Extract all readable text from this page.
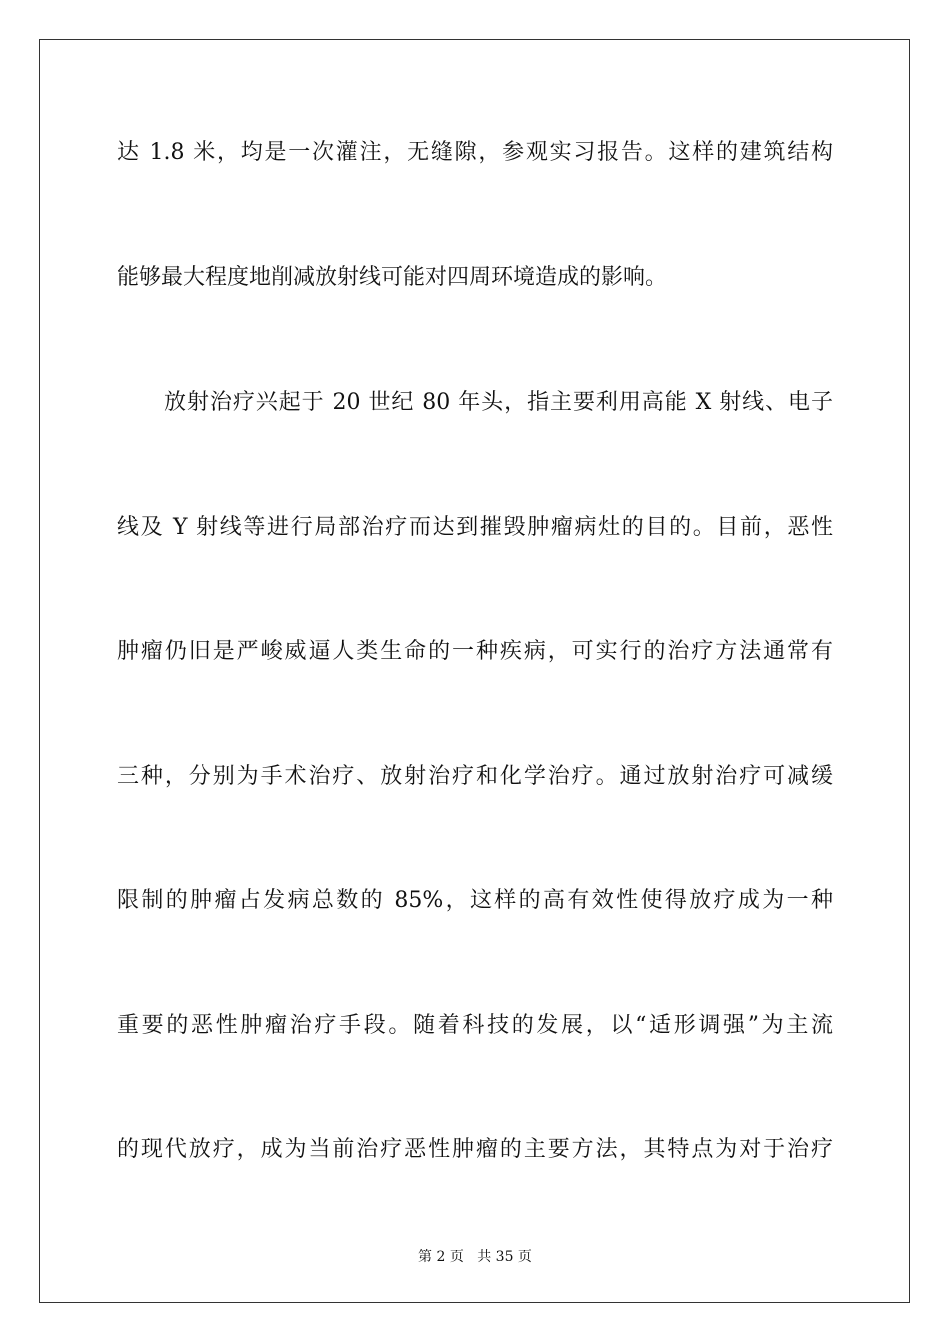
达 1.8 米，均是一次灌注，无缝隙，参观实习报告。这样的建筑结构
能够最大程度地削减放射线可能对四周环境造成的影响。
放射治疗兴起于 20 世纪 80 年头，指主要利用高能 X 射线、电子
线及 Y 射线等进行局部治疗而达到摧毁肿瘤病灶的目的。目前，恶性
肿瘤仍旧是严峻威逼人类生命的一种疾病，可实行的治疗方法通常有
三种，分别为手术治疗、放射治疗和化学治疗。通过放射治疗可减缓
限制的肿瘤占发病总数的 85%，这样的高有效性使得放疗成为一种
重要的恶性肿瘤治疗手段。随着科技的发展，以“适形调强”为主流
的现代放疗，成为当前治疗恶性肿瘤的主要方法，其特点为对于治疗
第 2 页 共 35 页
